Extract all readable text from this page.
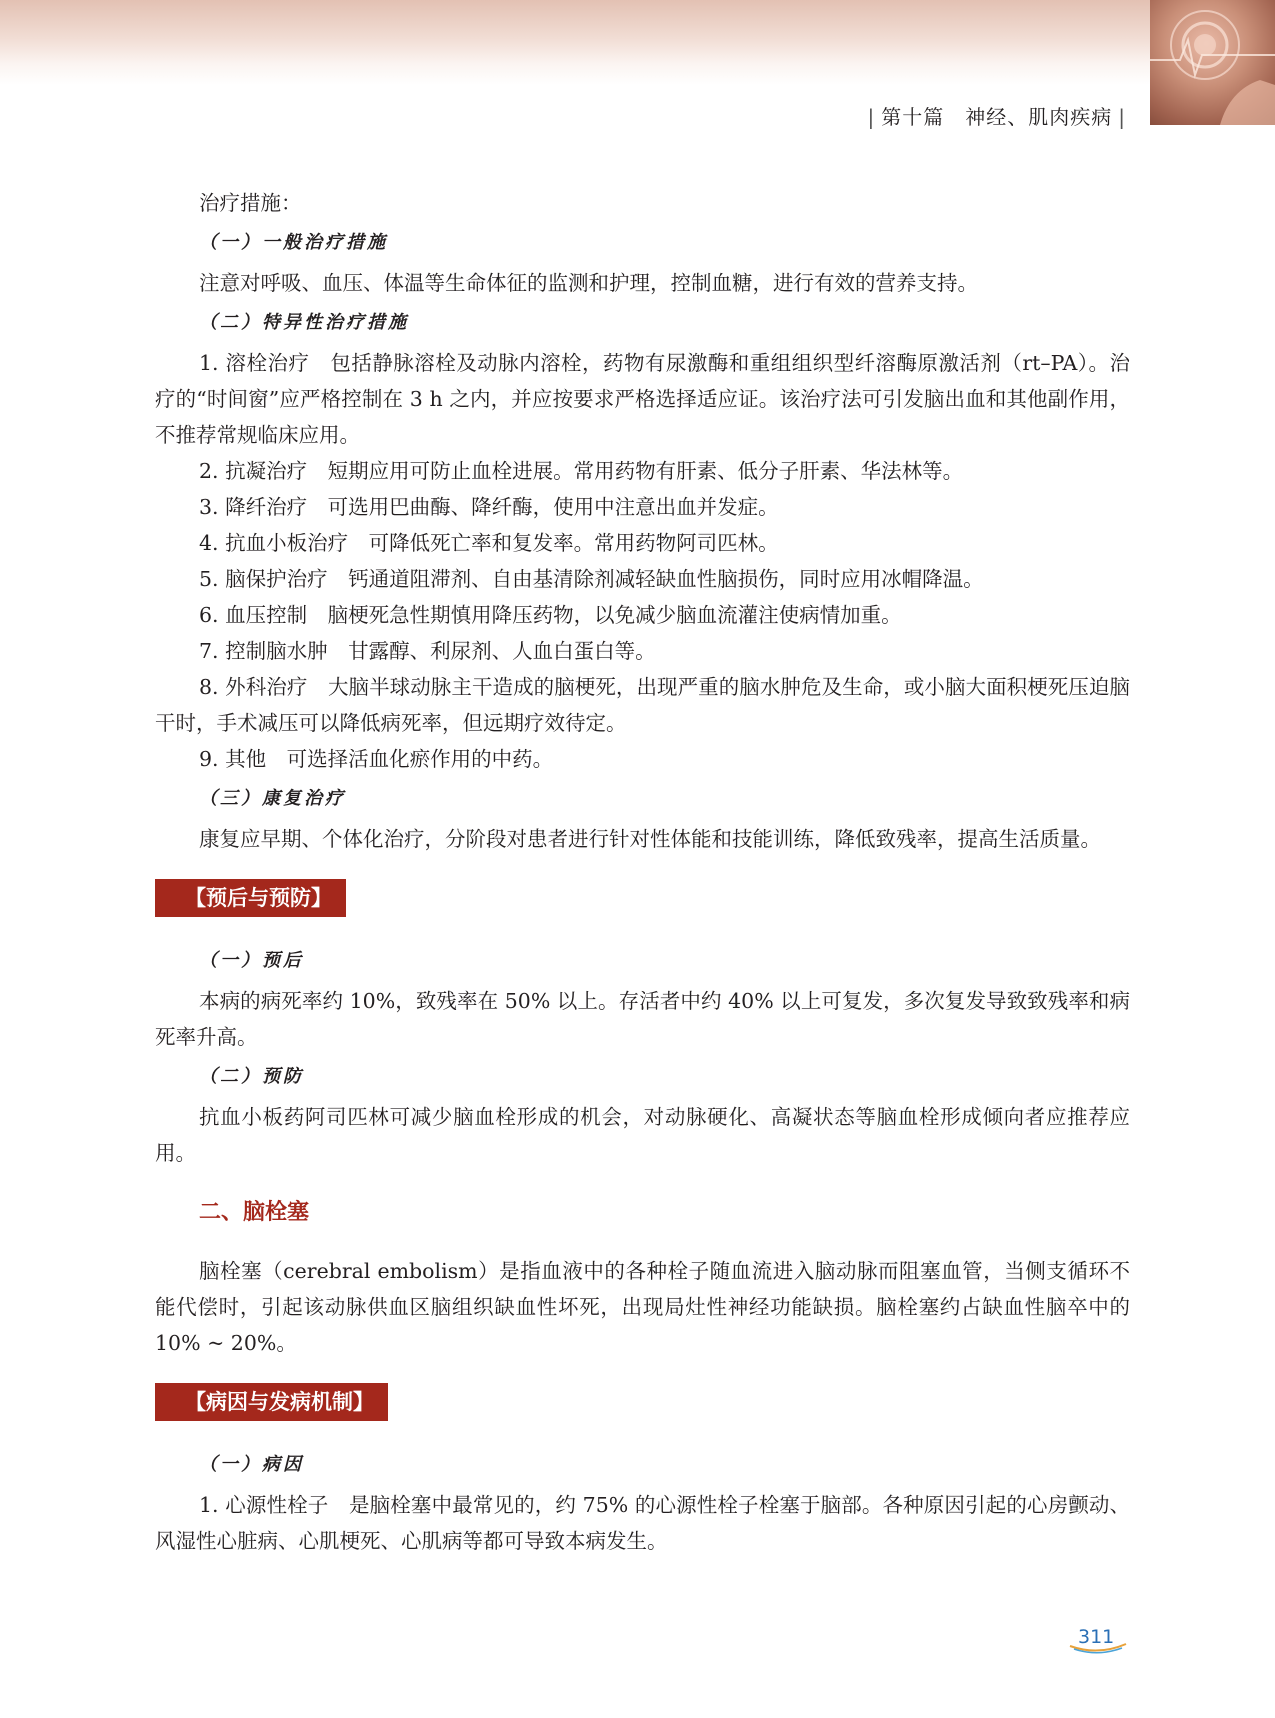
| 第十篇　神经、肌肉疾病 |

治疗措施：

（一）一般治疗措施

注意对呼吸、血压、体温等生命体征的监测和护理，控制血糖，进行有效的营养支持。

（二）特异性治疗措施

1. 溶栓治疗　包括静脉溶栓及动脉内溶栓，药物有尿激酶和重组组织型纤溶酶原激活剂（rt–PA）。治疗的“时间窗”应严格控制在 3 h 之内，并应按要求严格选择适应证。该治疗法可引发脑出血和其他副作用，不推荐常规临床应用。

2. 抗凝治疗　短期应用可防止血栓进展。常用药物有肝素、低分子肝素、华法林等。

3. 降纤治疗　可选用巴曲酶、降纤酶，使用中注意出血并发症。

4. 抗血小板治疗　可降低死亡率和复发率。常用药物阿司匹林。

5. 脑保护治疗　钙通道阻滞剂、自由基清除剂减轻缺血性脑损伤，同时应用冰帽降温。

6. 血压控制　脑梗死急性期慎用降压药物，以免减少脑血流灌注使病情加重。

7. 控制脑水肿　甘露醇、利尿剂、人血白蛋白等。

8. 外科治疗　大脑半球动脉主干造成的脑梗死，出现严重的脑水肿危及生命，或小脑大面积梗死压迫脑干时，手术减压可以降低病死率，但远期疗效待定。

9. 其他　可选择活血化瘀作用的中药。

（三）康复治疗

康复应早期、个体化治疗，分阶段对患者进行针对性体能和技能训练，降低致残率，提高生活质量。

【预后与预防】
（一）预后

本病的病死率约 10%，致残率在 50% 以上。存活者中约 40% 以上可复发，多次复发导致致残率和病死率升高。

（二）预防

抗血小板药阿司匹林可减少脑血栓形成的机会，对动脉硬化、高凝状态等脑血栓形成倾向者应推荐应用。

二、脑栓塞

脑栓塞（cerebral embolism）是指血液中的各种栓子随血流进入脑动脉而阻塞血管，当侧支循环不能代偿时，引起该动脉供血区脑组织缺血性坏死，出现局灶性神经功能缺损。脑栓塞约占缺血性脑卒中的 10% ~ 20%。

【病因与发病机制】
（一）病因

1. 心源性栓子　是脑栓塞中最常见的，约 75% 的心源性栓子栓塞于脑部。各种原因引起的心房颤动、风湿性心脏病、心肌梗死、心肌病等都可导致本病发生。

311
